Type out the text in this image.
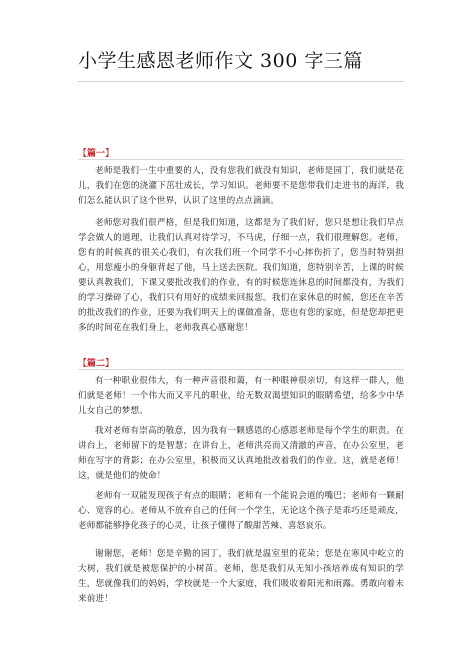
小学生感恩老师作文 300 字三篇
【篇一】

老师是我们一生中重要的人，没有您我们就没有知识，老师是园丁，我们就是花儿，我们在您的浇灌下茁壮成长，学习知识。老师要不是您带我们走进书的海洋，我们怎么能认识了这个世界，认识了这里的点点滴滴。

老师您对我们很严格，但是我们知道，这都是为了我们好，您只是想让我们早点学会做人的道理，让我们认真对待学习，不马虎，仔细一点，我们很理解您。老师，您有的时候真的很关心我们，有次我们班一个同学不小心摔伤折了，您当时特别担心，用您瘦小的身躯背起了他，马上送去医院。我们知道，您特别辛苦，上课的时候要认真教我们，下课又要批改我们的作业，有的时候您连休息的时间都没有，为我们的学习操碎了心，我们只有用好的成绩来回报您。我们在家休息的时候，您还在辛苦的批改我们的作业，还要为我们明天上的课做准备，您也有您的家庭，但是您却把更多的时间花在我们身上，老师我真心感谢您！

【篇二】

有一种职业很伟大，有一种声音很和蔼，有一种眼神很亲切，有这样一群人，他们就是老师！一个伟大而又平凡的职业，给无数双渴望知识的眼睛希望，给多少中华儿女自己的梦想。

我对老师有崇高的敬意，因为我有一颗感恩的心感恩老师是每个学生的职责。在讲台上，老师留下的是智慧；在讲台上，老师洪亮而又清澈的声音，在办公室里，老师在写字的背影；在办公室里，积极而又认真地批改着我们的作业。这，就是老师！这，就是他们的使命！

老师有一双能发现孩子有点的眼睛；老师有一个能说会道的嘴巴；老师有一颗耐心、宽容的心。老师从不放弃自己的任何一个学生，无论这个孩子是乖巧还是顽皮，老师都能够挣化孩子的心灵，让孩子懂得了酸甜苦辣、喜怒哀乐。

谢谢您，老师！您是辛勤的园丁，我们就是温室里的花朵；您是在寒风中屹立的大树，我们就是被您保护的小树苗。老师，您是我们从无知小孩培养成有知识的学生，您就像我们的妈妈，学校就是一个大家庭，我们吸收着阳光和雨露。勇敢向着未来前进！
